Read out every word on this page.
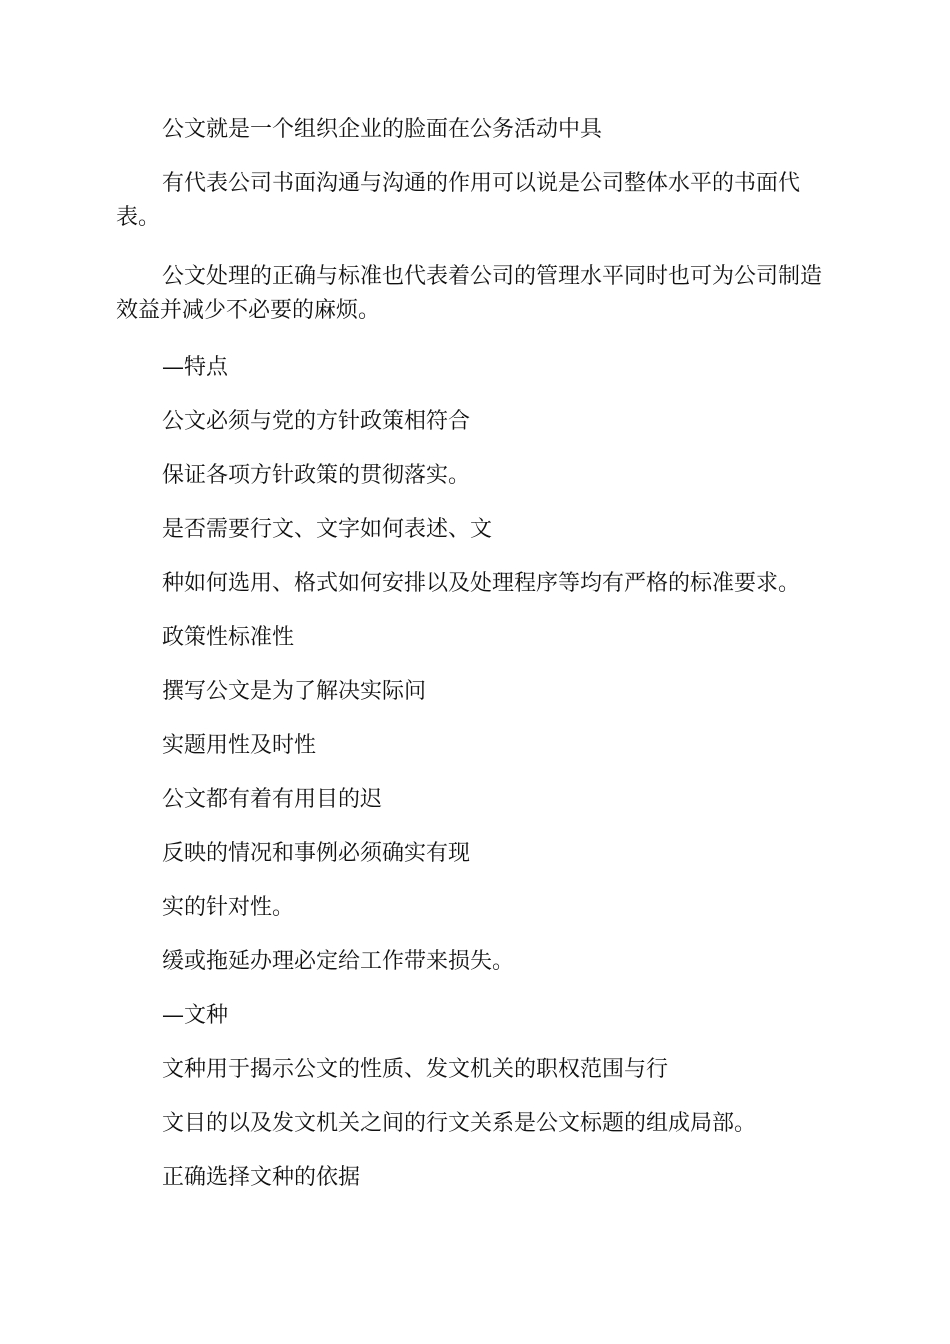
公文就是一个组织企业的脸面在公务活动中具

有代表公司书面沟通与沟通的作用可以说是公司整体水平的书面代表。

公文处理的正确与标准也代表着公司的管理水平同时也可为公司制造效益并减少不必要的麻烦。

—特点

公文必须与党的方针政策相符合

保证各项方针政策的贯彻落实。

是否需要行文、文字如何表述、文

种如何选用、格式如何安排以及处理程序等均有严格的标准要求。

政策性标准性

撰写公文是为了解决实际问

实题用性及时性

公文都有着有用目的迟

反映的情况和事例必须确实有现

实的针对性。

缓或拖延办理必定给工作带来损失。

—文种

文种用于揭示公文的性质、发文机关的职权范围与行

文目的以及发文机关之间的行文关系是公文标题的组成局部。

正确选择文种的依据
